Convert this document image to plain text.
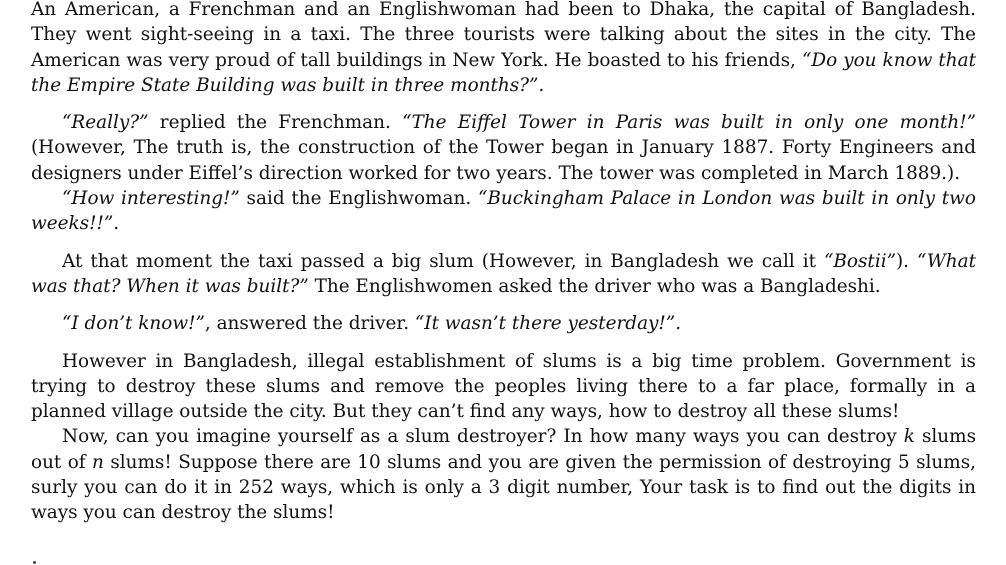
An American, a Frenchman and an Englishwoman had been to Dhaka, the capital of Bangladesh. They went sight-seeing in a taxi. The three tourists were talking about the sites in the city. The American was very proud of tall buildings in New York. He boasted to his friends, “Do you know that the Empire State Building was built in three months?”.

“Really?” replied the Frenchman. “The Eiffel Tower in Paris was built in only one month!” (However, The truth is, the construction of the Tower began in January 1887. Forty Engineers and designers under Eiffel’s direction worked for two years. The tower was completed in March 1889.).

“How interesting!” said the Englishwoman. “Buckingham Palace in London was built in only two weeks!!”.

At that moment the taxi passed a big slum (However, in Bangladesh we call it “Bostii”). “What was that? When it was built?” The Englishwomen asked the driver who was a Bangladeshi.

“I don’t know!”, answered the driver. “It wasn’t there yesterday!”.

However in Bangladesh, illegal establishment of slums is a big time problem. Government is trying to destroy these slums and remove the peoples living there to a far place, formally in a planned village outside the city. But they can’t find any ways, how to destroy all these slums!

Now, can you imagine yourself as a slum destroyer? In how many ways you can destroy k slums out of n slums! Suppose there are 10 slums and you are given the permission of destroying 5 slums, surly you can do it in 252 ways, which is only a 3 digit number, Your task is to find out the digits in ways you can destroy the slums!
